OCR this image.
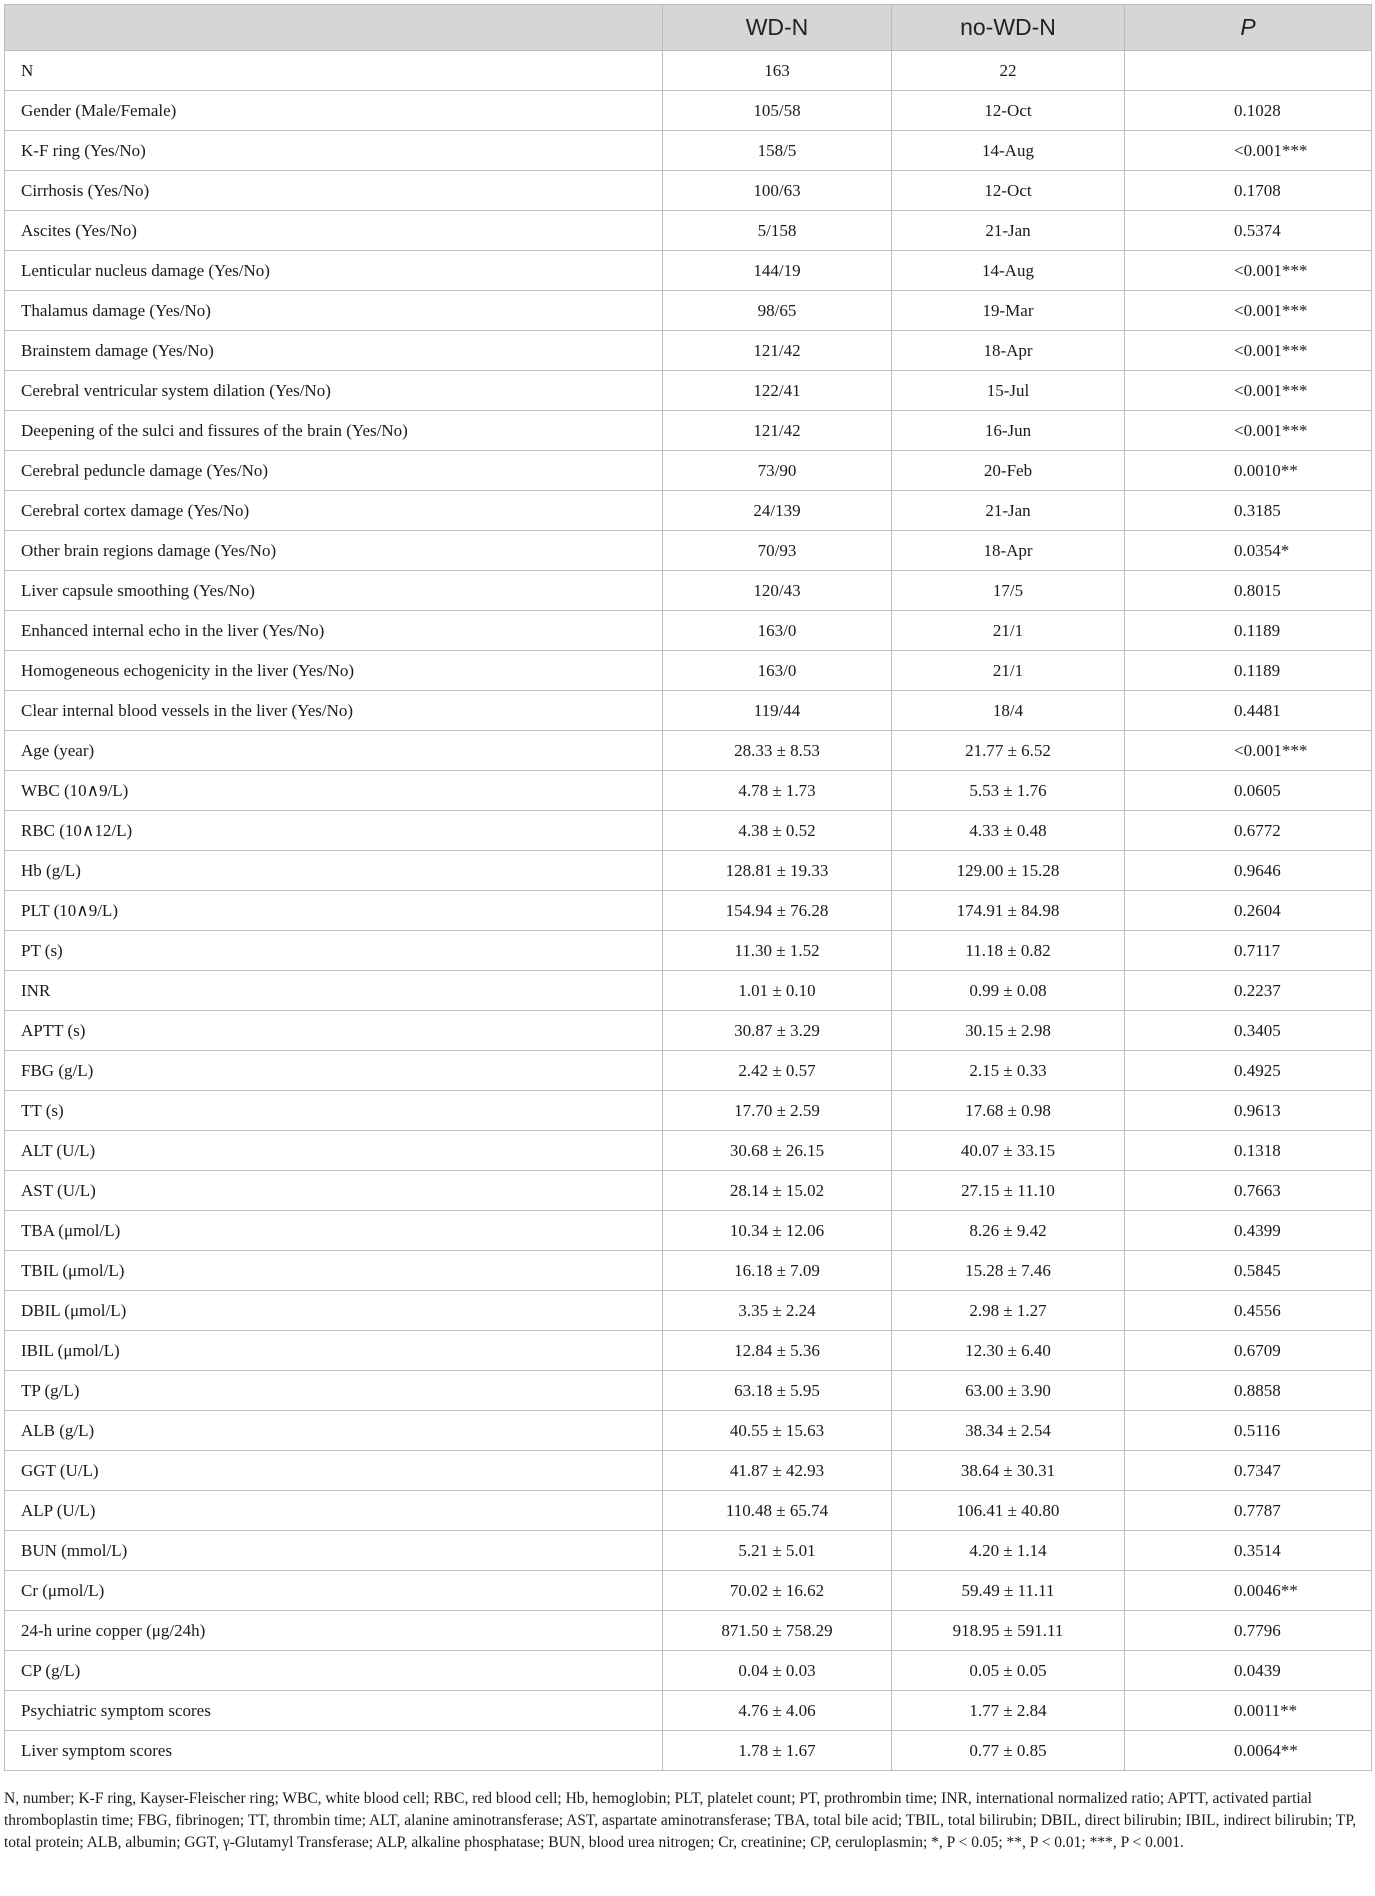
	WD-N	no-WD-N	P
N	163	22	
Gender (Male/Female)	105/58	12-Oct	0.1028
K-F ring (Yes/No)	158/5	14-Aug	<0.001***
Cirrhosis (Yes/No)	100/63	12-Oct	0.1708
Ascites (Yes/No)	5/158	21-Jan	0.5374
Lenticular nucleus damage (Yes/No)	144/19	14-Aug	<0.001***
Thalamus damage (Yes/No)	98/65	19-Mar	<0.001***
Brainstem damage (Yes/No)	121/42	18-Apr	<0.001***
Cerebral ventricular system dilation (Yes/No)	122/41	15-Jul	<0.001***
Deepening of the sulci and fissures of the brain (Yes/No)	121/42	16-Jun	<0.001***
Cerebral peduncle damage (Yes/No)	73/90	20-Feb	0.0010**
Cerebral cortex damage (Yes/No)	24/139	21-Jan	0.3185
Other brain regions damage (Yes/No)	70/93	18-Apr	0.0354*
Liver capsule smoothing (Yes/No)	120/43	17/5	0.8015
Enhanced internal echo in the liver (Yes/No)	163/0	21/1	0.1189
Homogeneous echogenicity in the liver (Yes/No)	163/0	21/1	0.1189
Clear internal blood vessels in the liver (Yes/No)	119/44	18/4	0.4481
Age (year)	28.33 ± 8.53	21.77 ± 6.52	<0.001***
WBC (10∧9/L)	4.78 ± 1.73	5.53 ± 1.76	0.0605
RBC (10∧12/L)	4.38 ± 0.52	4.33 ± 0.48	0.6772
Hb (g/L)	128.81 ± 19.33	129.00 ± 15.28	0.9646
PLT (10∧9/L)	154.94 ± 76.28	174.91 ± 84.98	0.2604
PT (s)	11.30 ± 1.52	11.18 ± 0.82	0.7117
INR	1.01 ± 0.10	0.99 ± 0.08	0.2237
APTT (s)	30.87 ± 3.29	30.15 ± 2.98	0.3405
FBG (g/L)	2.42 ± 0.57	2.15 ± 0.33	0.4925
TT (s)	17.70 ± 2.59	17.68 ± 0.98	0.9613
ALT (U/L)	30.68 ± 26.15	40.07 ± 33.15	0.1318
AST (U/L)	28.14 ± 15.02	27.15 ± 11.10	0.7663
TBA (μmol/L)	10.34 ± 12.06	8.26 ± 9.42	0.4399
TBIL (μmol/L)	16.18 ± 7.09	15.28 ± 7.46	0.5845
DBIL (μmol/L)	3.35 ± 2.24	2.98 ± 1.27	0.4556
IBIL (μmol/L)	12.84 ± 5.36	12.30 ± 6.40	0.6709
TP (g/L)	63.18 ± 5.95	63.00 ± 3.90	0.8858
ALB (g/L)	40.55 ± 15.63	38.34 ± 2.54	0.5116
GGT (U/L)	41.87 ± 42.93	38.64 ± 30.31	0.7347
ALP (U/L)	110.48 ± 65.74	106.41 ± 40.80	0.7787
BUN (mmol/L)	5.21 ± 5.01	4.20 ± 1.14	0.3514
Cr (μmol/L)	70.02 ± 16.62	59.49 ± 11.11	0.0046**
24-h urine copper (μg/24h)	871.50 ± 758.29	918.95 ± 591.11	0.7796
CP (g/L)	0.04 ± 0.03	0.05 ± 0.05	0.0439
Psychiatric symptom scores	4.76 ± 4.06	1.77 ± 2.84	0.0011**
Liver symptom scores	1.78 ± 1.67	0.77 ± 0.85	0.0064**

N, number; K-F ring, Kayser-Fleischer ring; WBC, white blood cell; RBC, red blood cell; Hb, hemoglobin; PLT, platelet count; PT, prothrombin time; INR, international normalized ratio; APTT, activated partial thromboplastin time; FBG, fibrinogen; TT, thrombin time; ALT, alanine aminotransferase; AST, aspartate aminotransferase; TBA, total bile acid; TBIL, total bilirubin; DBIL, direct bilirubin; IBIL, indirect bilirubin; TP, total protein; ALB, albumin; GGT, γ-Glutamyl Transferase; ALP, alkaline phosphatase; BUN, blood urea nitrogen; Cr, creatinine; CP, ceruloplasmin; *, P < 0.05; **, P < 0.01; ***, P < 0.001.
